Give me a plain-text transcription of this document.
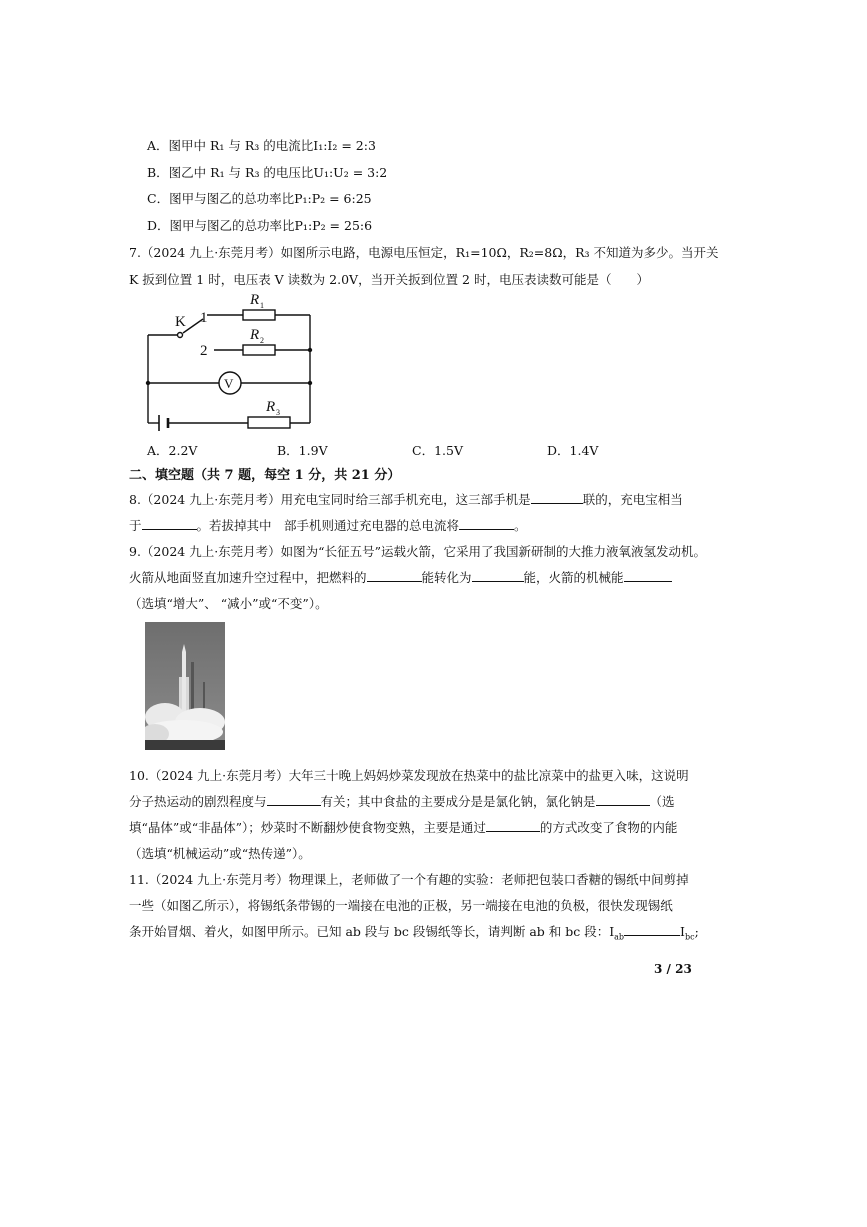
A．图甲中 R₁ 与 R₃ 的电流比I₁:I₂ = 2:3
B．图乙中 R₁ 与 R₃ 的电压比U₁:U₂ = 3:2
C．图甲与图乙的总功率比P₁:P₂ = 6:25
D．图甲与图乙的总功率比P₁:P₂ = 25:6
7.（2024 九上·东莞月考）如图所示电路，电源电压恒定，R₁=10Ω，R₂=8Ω，R₃ 不知道为多少。当开关
K 扳到位置 1 时，电压表 V 读数为 2.0V，当开关扳到位置 2 时，电压表读数可能是（　　）
K 1
2
R 1
R 2
R 3
V
A．2.2V	B．1.9V	C．1.5V	D．1.4V
二、填空题（共 7 题，每空 1 分，共 21 分）
8.（2024 九上·东莞月考）用充电宝同时给三部手机充电，这三部手机是	联的，充电宝相当
于	。若拔掉其中　部手机则通过充电器的总电流将	。
9.（2024 九上·东莞月考）如图为“长征五号”运载火箭，它采用了我国新研制的大推力液氧液氢发动机。
火箭从地面竖直加速升空过程中，把燃料的	能转化为	能，火箭的机械能
（选填“增大”、 “减小”或“不变”）。
10.（2024 九上·东莞月考）大年三十晚上妈妈炒菜发现放在热菜中的盐比凉菜中的盐更入味，这说明
分子热运动的剧烈程度与	有关；其中食盐的主要成分是是氯化钠，氯化钠是	（选
填“晶体”或“非晶体”）；炒菜时不断翻炒使食物变熟，主要是通过	的方式改变了食物的内能
（选填“机械运动”或“热传递”）。
11.（2024 九上·东莞月考）物理课上，老师做了一个有趣的实验：老师把包装口香糖的锡纸中间剪掉
一些（如图乙所示），将锡纸条带锡的一端接在电池的正极，另一端接在电池的负极，很快发现锡纸
条开始冒烟、着火，如图甲所示。已知 ab 段与 bc 段锡纸等长，请判断 ab 和 bc 段：$I_{ab}$	$I_{bc}$;
3 / 23
